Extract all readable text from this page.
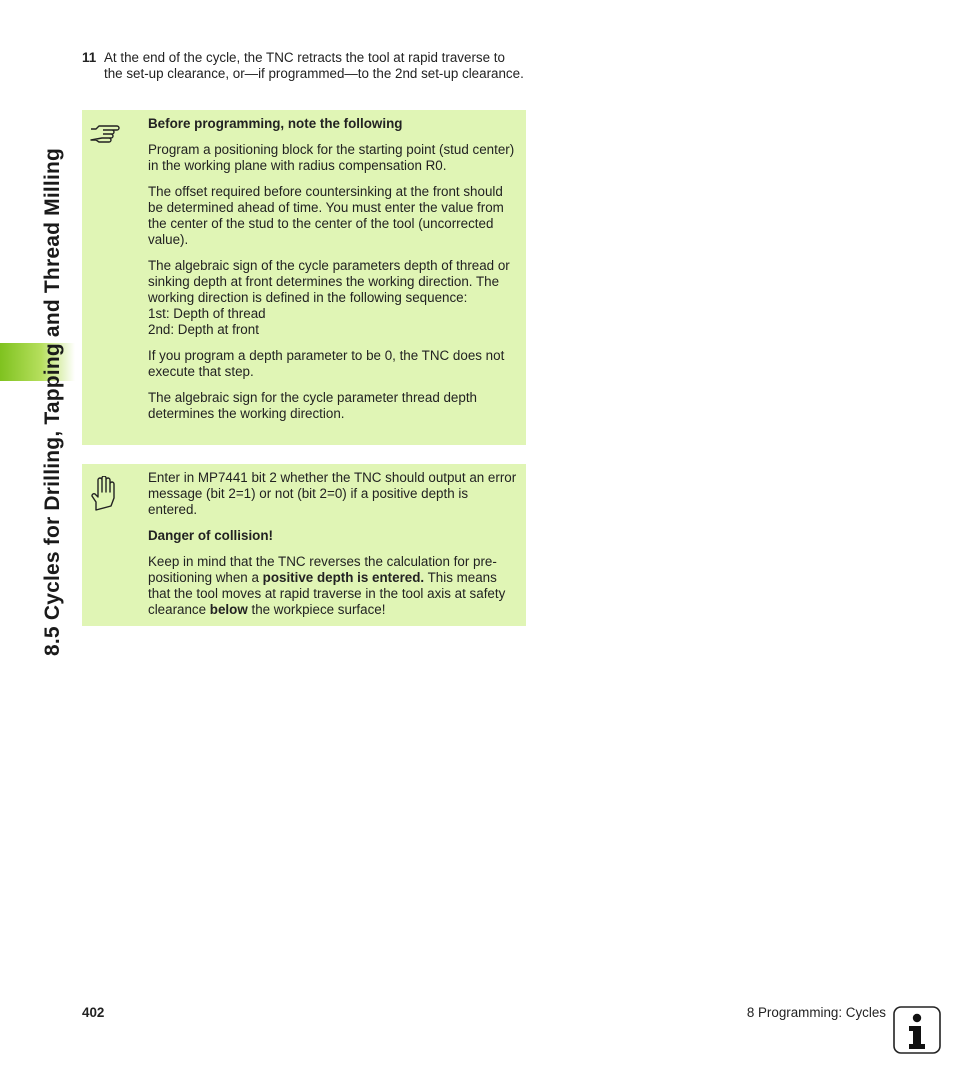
8.5 Cycles for Drilling, Tapping and Thread Milling
11 At the end of the cycle, the TNC retracts the tool at rapid traverse to the set-up clearance, or—if programmed—to the 2nd set-up clearance.

Before programming, note the following

Program a positioning block for the starting point (stud center) in the working plane with radius compensation R0.

The offset required before countersinking at the front should be determined ahead of time. You must enter the value from the center of the stud to the center of the tool (uncorrected value).

The algebraic sign of the cycle parameters depth of thread or sinking depth at front determines the working direction. The working direction is defined in the following sequence:
1st: Depth of thread
2nd: Depth at front

If you program a depth parameter to be 0, the TNC does not execute that step.

The algebraic sign for the cycle parameter thread depth determines the working direction.

Enter in MP7441 bit 2 whether the TNC should output an error message (bit 2=1) or not (bit 2=0) if a positive depth is entered.

Danger of collision!

Keep in mind that the TNC reverses the calculation for pre-positioning when a positive depth is entered. This means that the tool moves at rapid traverse in the tool axis at safety clearance below the workpiece surface!

402	8 Programming: Cycles
